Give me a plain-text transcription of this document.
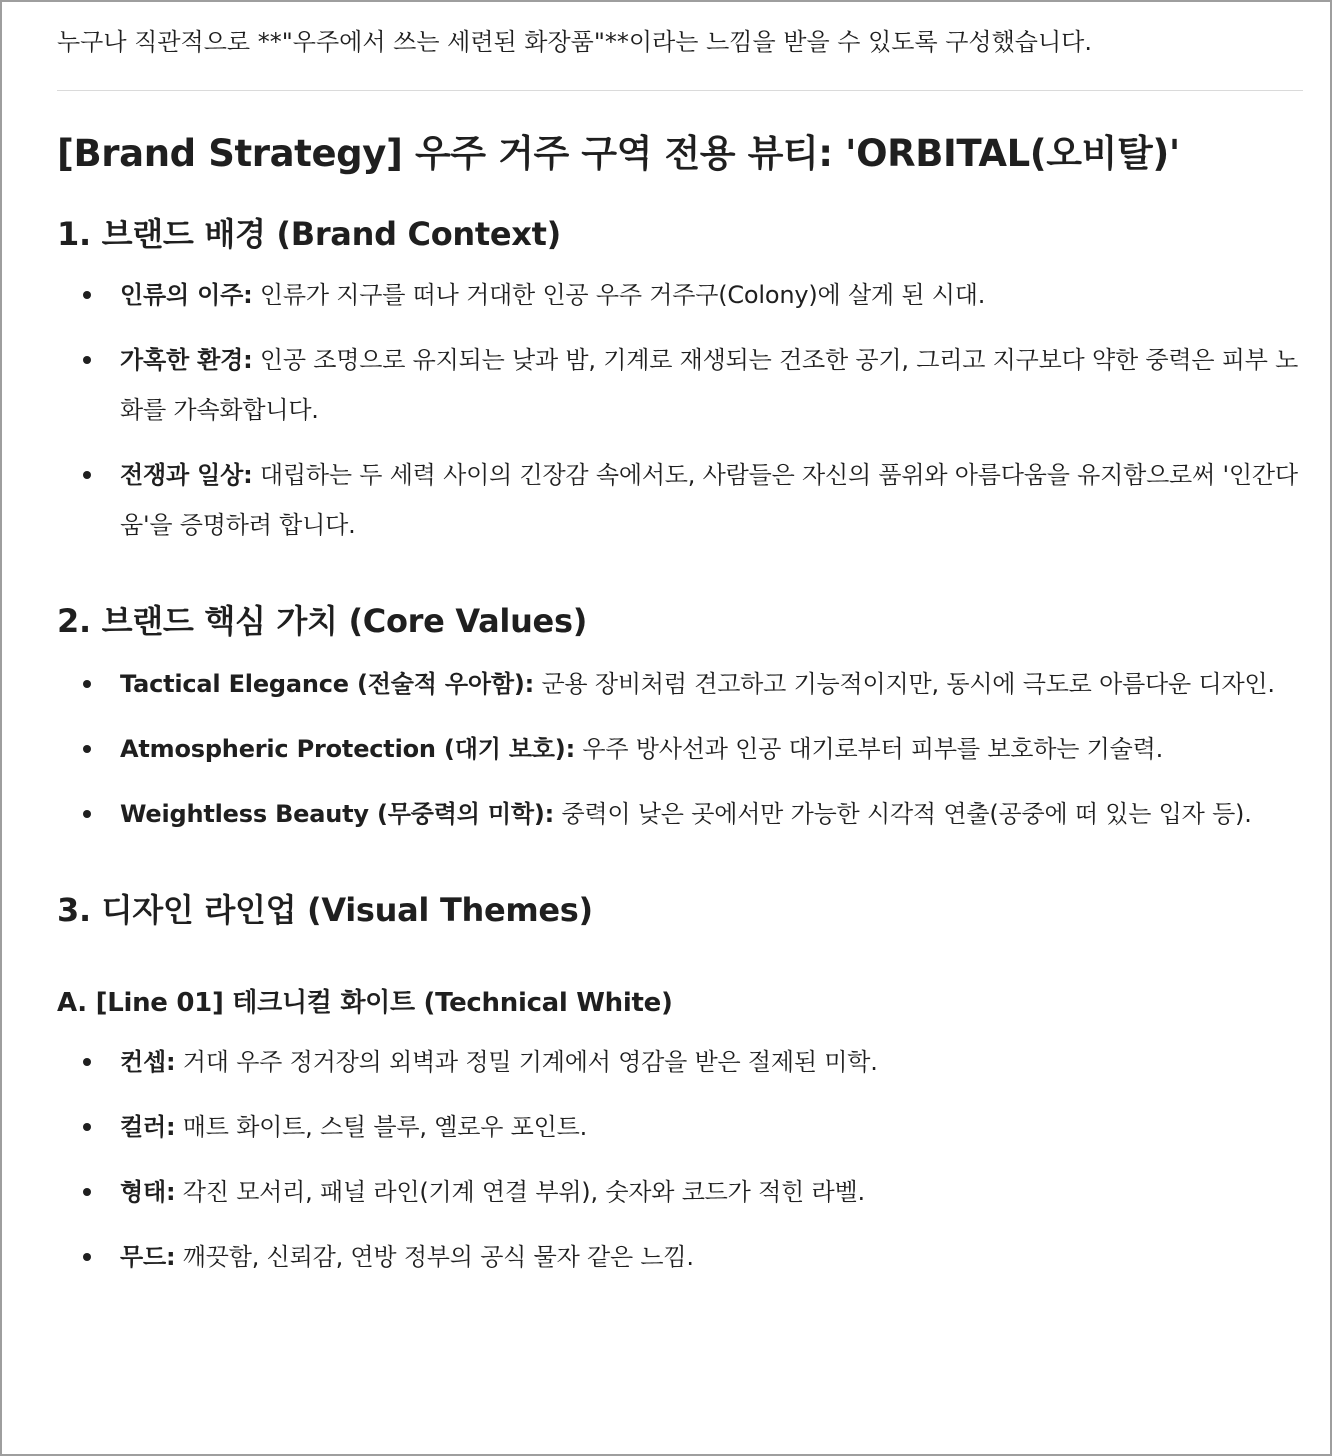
누구나 직관적으로 **"우주에서 쓰는 세련된 화장품"**이라는 느낌을 받을 수 있도록 구성했습니다.

[Brand Strategy] 우주 거주 구역 전용 뷰티: 'ORBITAL(오비탈)'
1. 브랜드 배경 (Brand Context)
인류의 이주: 인류가 지구를 떠나 거대한 인공 우주 거주구(Colony)에 살게 된 시대.
가혹한 환경: 인공 조명으로 유지되는 낮과 밤, 기계로 재생되는 건조한 공기, 그리고 지구보다 약한 중력은 피부 노화를 가속화합니다.
전쟁과 일상: 대립하는 두 세력 사이의 긴장감 속에서도, 사람들은 자신의 품위와 아름다움을 유지함으로써 '인간다움'을 증명하려 합니다.
2. 브랜드 핵심 가치 (Core Values)
Tactical Elegance (전술적 우아함): 군용 장비처럼 견고하고 기능적이지만, 동시에 극도로 아름다운 디자인.
Atmospheric Protection (대기 보호): 우주 방사선과 인공 대기로부터 피부를 보호하는 기술력.
Weightless Beauty (무중력의 미학): 중력이 낮은 곳에서만 가능한 시각적 연출(공중에 떠 있는 입자 등).
3. 디자인 라인업 (Visual Themes)
A. [Line 01] 테크니컬 화이트 (Technical White)
컨셉: 거대 우주 정거장의 외벽과 정밀 기계에서 영감을 받은 절제된 미학.
컬러: 매트 화이트, 스틸 블루, 옐로우 포인트.
형태: 각진 모서리, 패널 라인(기계 연결 부위), 숫자와 코드가 적힌 라벨.
무드: 깨끗함, 신뢰감, 연방 정부의 공식 물자 같은 느낌.
